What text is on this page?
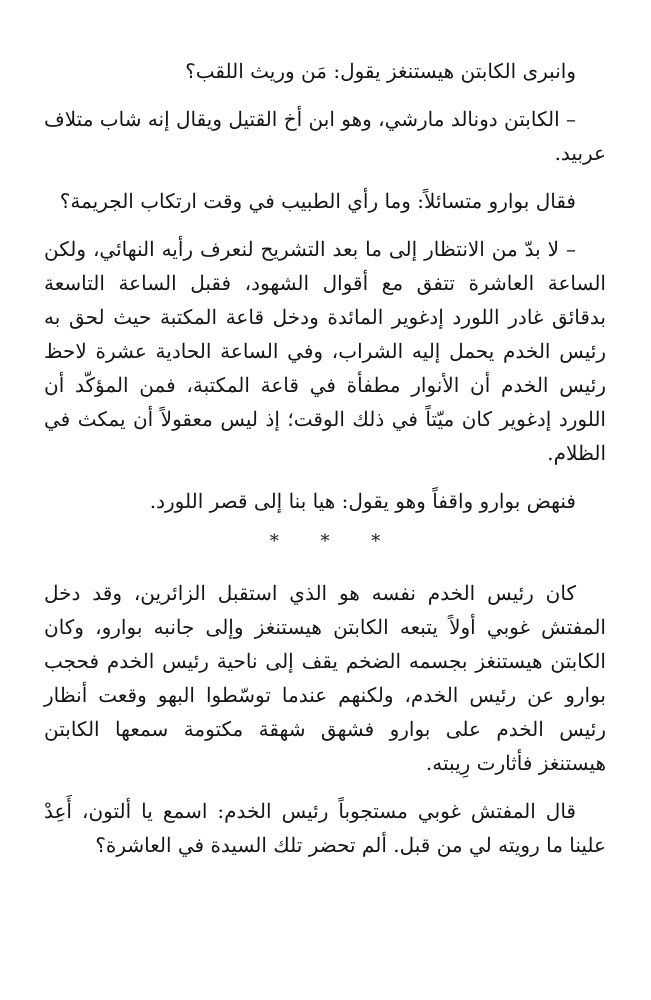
وانبرى الكابتن هيستنغز يقول: مَن وريث اللقب؟

– الكابتن دونالد مارشي، وهو ابن أخ القتيل ويقال إنه شاب متلاف عربيد.

فقال بوارو متسائلاً: وما رأي الطبيب في وقت ارتكاب الجريمة؟

– لا بدّ من الانتظار إلى ما بعد التشريح لنعرف رأيه النهائي، ولكن الساعة العاشرة تتفق مع أقوال الشهود، فقبل الساعة التاسعة بدقائق غادر اللورد إدغوير المائدة ودخل قاعة المكتبة حيث لحق به رئيس الخدم يحمل إليه الشراب، وفي الساعة الحادية عشرة لاحظ رئيس الخدم أن الأنوار مطفأة في قاعة المكتبة، فمن المؤكّد أن اللورد إدغوير كان ميّتاً في ذلك الوقت؛ إذ ليس معقولاً أن يمكث في الظلام.

فنهض بوارو واقفاً وهو يقول: هيا بنا إلى قصر اللورد.

* * *

كان رئيس الخدم نفسه هو الذي استقبل الزائرين، وقد دخل المفتش غوبي أولاً يتبعه الكابتن هيستنغز وإلى جانبه بوارو، وكان الكابتن هيستنغز بجسمه الضخم يقف إلى ناحية رئيس الخدم فحجب بوارو عن رئيس الخدم، ولكنهم عندما توسّطوا البهو وقعت أنظار رئيس الخدم على بوارو فشهق شهقة مكتومة سمعها الكابتن هيستنغز فأثارت رِيبته.

قال المفتش غوبي مستجوباً رئيس الخدم: اسمع يا ألتون، أَعِدْ علينا ما رويته لي من قبل. ألم تحضر تلك السيدة في العاشرة؟
